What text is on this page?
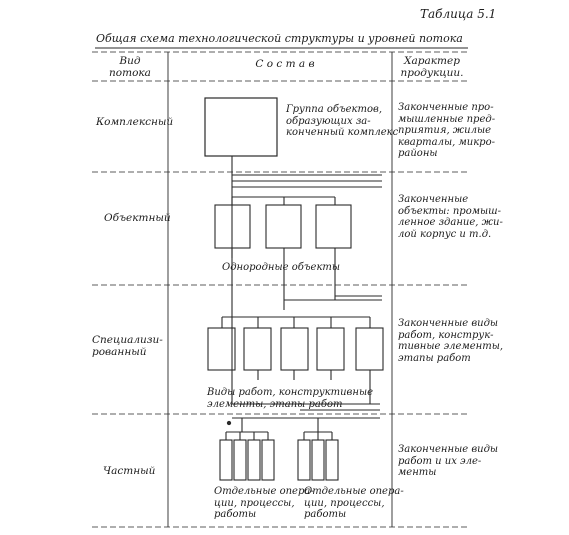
Таблица 5.1

Общая схема технологической структуры и уровней потока

Вид
потока

С о с т а в	Характер
продукции.

Комплексный

Объектный

Специализи-
рованный

Частный

Законченные про-
мышленные пред-
приятия, жилые
кварталы, микро-
районы

Законченные
объекты: промыш-
ленное здание, жи-
лой корпус и т.д.

Законченные виды
работ, конструк-
тивные элементы,
этапы работ

Законченные виды
работ и их эле-
менты

Группа объектов,
образующих за-
конченный комплекс

Однородные объекты

Виды работ, конструктивные
элементы, этапы работ

Отдельные опера-
ции, процессы,
работы

Отдельные опера-
ции, процессы,
работы
